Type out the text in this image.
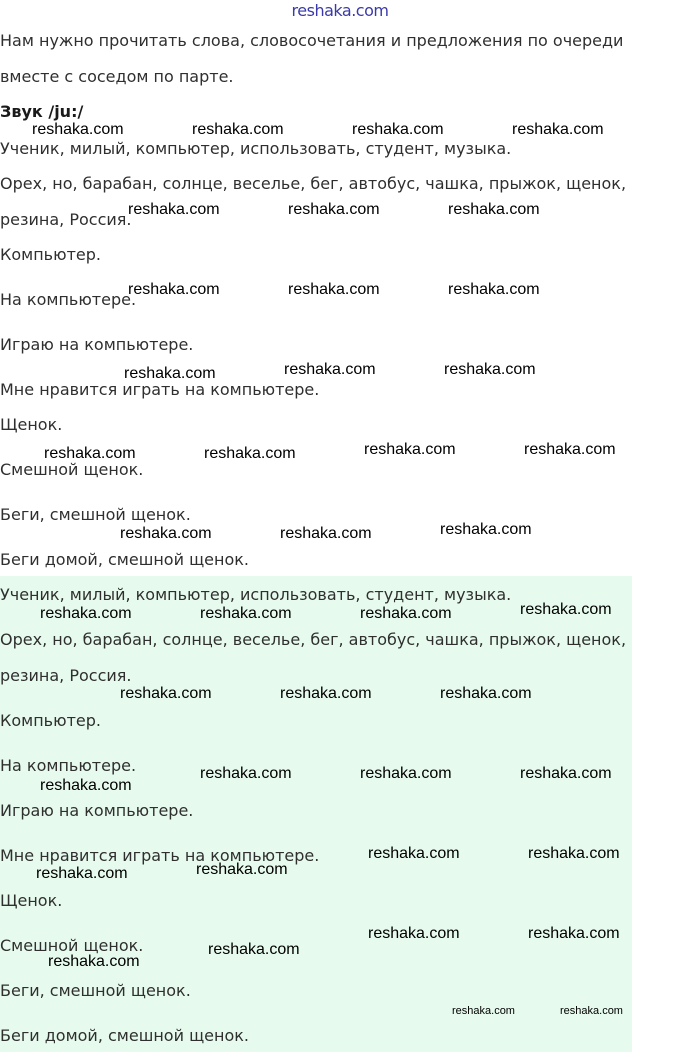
reshaka.com
Нам нужно прочитать слова, словосочетания и предложения по очереди
вместе с соседом по парте.
Звук /ju:/
Ученик, милый, компьютер, использовать, студент, музыка.
Орех, но, барабан, солнце, веселье, бег, автобус, чашка, прыжок, щенок,
резина, Россия.
Компьютер.
На компьютере.
Играю на компьютере.
Мне нравится играть на компьютере.
Щенок.
Смешной щенок.
Беги, смешной щенок.
Беги домой, смешной щенок.
Ученик, милый, компьютер, использовать, студент, музыка.
Орех, но, барабан, солнце, веселье, бег, автобус, чашка, прыжок, щенок,
резина, Россия.
Компьютер.
На компьютере.
Играю на компьютере.
Мне нравится играть на компьютере.
Щенок.
Смешной щенок.
Беги, смешной щенок.
Беги домой, смешной щенок.
reshaka.com	reshaka.com	reshaka.com	reshaka.com
reshaka.com	reshaka.com	reshaka.com
reshaka.com	reshaka.com	reshaka.com
reshaka.com	reshaka.com	reshaka.com
reshaka.com	reshaka.com	reshaka.com	reshaka.com
reshaka.com	reshaka.com	reshaka.com
reshaka.com	reshaka.com	reshaka.com	reshaka.com
reshaka.com	reshaka.com	reshaka.com
reshaka.com
reshaka.com	reshaka.com	reshaka.com
reshaka.com	reshaka.com
reshaka.com	reshaka.com
reshaka.com
reshaka.com
reshaka.com	reshaka.com
reshaka.com	reshaka.com
